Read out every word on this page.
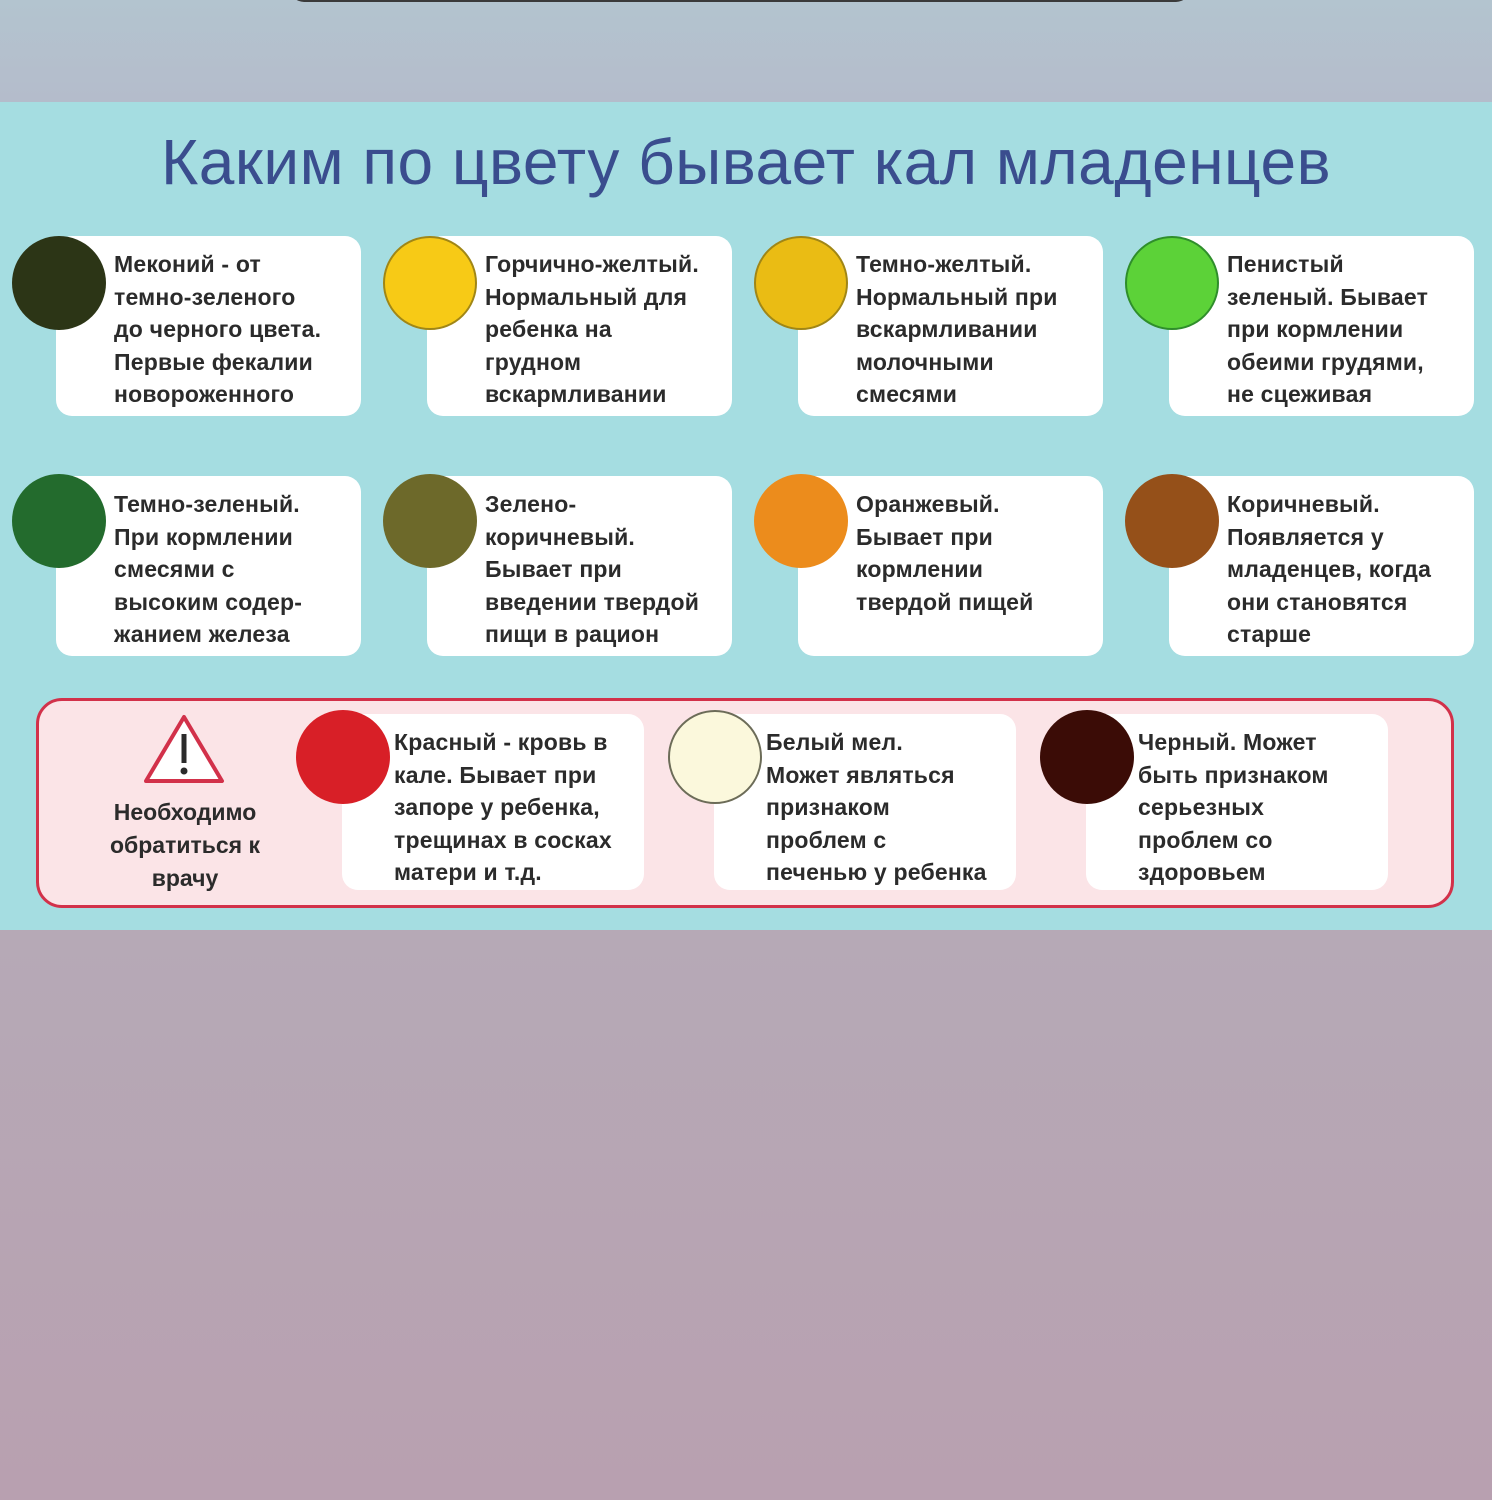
Каким по цвету бывает кал младенцев
Меконий - от
темно-зеленого
до черного цвета.
Первые фекалии
новороженного
Горчично-желтый.
Нормальный для
ребенка на
грудном
вскармливании
Темно-желтый.
Нормальный при
вскармливании
молочными
смесями
Пенистый
зеленый. Бывает
при кормлении
обеими грудями,
не сцеживая
Темно-зеленый.
При кормлении
смесями с
высоким содер-
жанием железа
Зелено-
коричневый.
Бывает при
введении твердой
пищи в рацион
Оранжевый.
Бывает при
кормлении
твердой пищей
Коричневый.
Появляется у
младенцев, когда
они становятся
старше
Необходимо
обратиться к
врачу
Красный - кровь в
кале. Бывает при
запоре у ребенка,
трещинах в сосках
матери и т.д.
Белый мел.
Может являться
признаком
проблем с
печенью у ребенка
Черный. Может
быть признаком
серьезных
проблем со
здоровьем
